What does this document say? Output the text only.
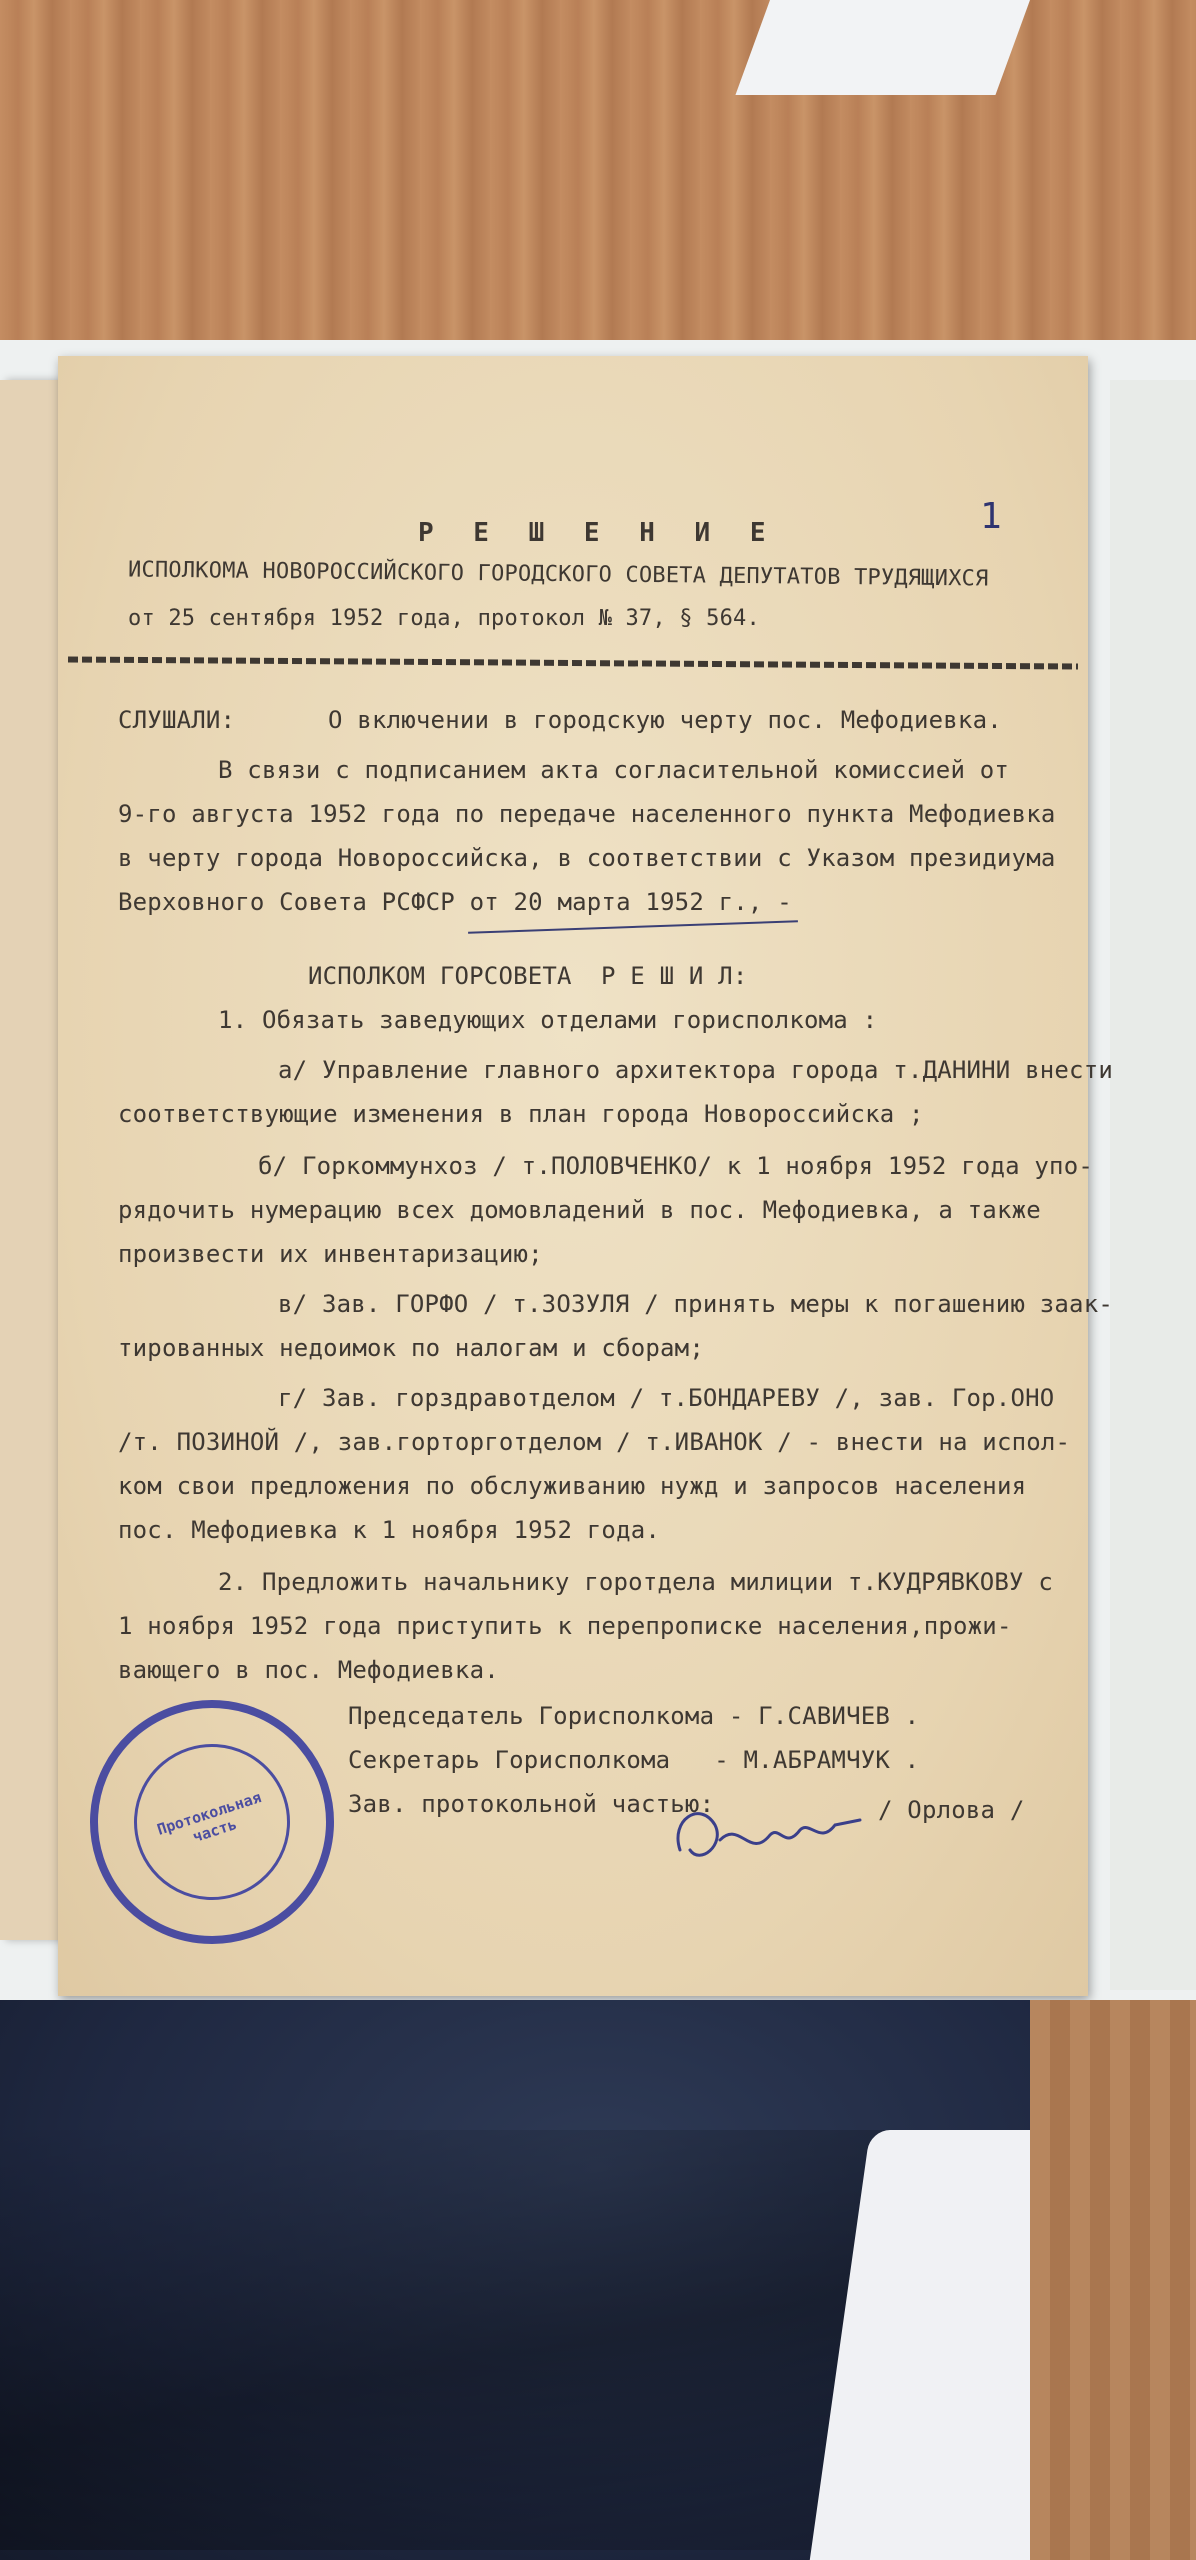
1
Р Е Ш Е Н И Е
ИСПОЛКОМА НОВОРОССИЙСКОГО ГОРОДСКОГО СОВЕТА ДЕПУТАТОВ ТРУДЯЩИХСЯ
от 25 сентября 1952 года, протокол № 37, § 564.
СЛУШАЛИ:	О включении в городскую черту пос. Мефодиевка.
В связи с подписанием акта согласительной комиссией от
9-го августа 1952 года по передаче населенного пункта Мефодиевка
в черту города Новороссийска, в соответствии с Указом президиума
Верховного Совета РСФСР от 20 марта 1952 г., -
ИСПОЛКОМ ГОРСОВЕТА  Р Е Ш И Л:
1. Обязать заведующих отделами горисполкома :
а/ Управление главного архитектора города т.ДАНИНИ внести
соответствующие изменения в план города Новороссийска ;
б/ Горкоммунхоз / т.ПОЛОВЧЕНКО/ к 1 ноября 1952 года упо-
рядочить нумерацию всех домовладений в пос. Мефодиевка, а также
произвести их инвентаризацию;
в/ Зав. ГОРФО / т.ЗОЗУЛЯ / принять меры к погашению заак-
тированных недоимок по налогам и сборам;
г/ Зав. горздравотделом / т.БОНДАРЕВУ /, зав. Гор.ОНО
/т. ПОЗИНОЙ /, зав.горторготделом / т.ИВАНОК / - внести на испол-
ком свои предложения по обслуживанию нужд и запросов населения
пос. Мефодиевка к 1 ноября 1952 года.
2. Предложить начальнику горотдела милиции т.КУДРЯВКОВУ с
1 ноября 1952 года приступить к перепрописке населения,прожи-
вающего в пос. Мефодиевка.
Председатель Горисполкома - Г.САВИЧЕВ .
Секретарь Горисполкома   - М.АБРАМЧУК .
Зав. протокольной частью:	/ Орлова /
Протокольная часть
